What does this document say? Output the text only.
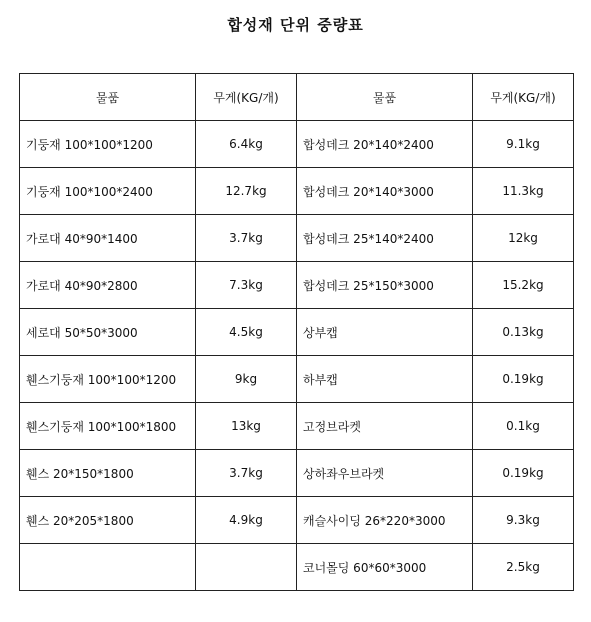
합성재 단위 중량표
물품	무게(KG/개)	물품	무게(KG/개)
기둥재 100*100*1200	6.4kg	합성데크 20*140*2400	9.1kg
기둥재 100*100*2400	12.7kg	합성데크 20*140*3000	11.3kg
가로대 40*90*1400	3.7kg	합성데크 25*140*2400	12kg
가로대 40*90*2800	7.3kg	합성데크 25*150*3000	15.2kg
세로대 50*50*3000	4.5kg	상부캡	0.13kg
휀스기둥재 100*100*1200	9kg	하부캡	0.19kg
휀스기둥재 100*100*1800	13kg	고정브라켓	0.1kg
휀스 20*150*1800	3.7kg	상하좌우브라켓	0.19kg
휀스 20*205*1800	4.9kg	캐슬사이딩 26*220*3000	9.3kg
		코너몰딩 60*60*3000	2.5kg
